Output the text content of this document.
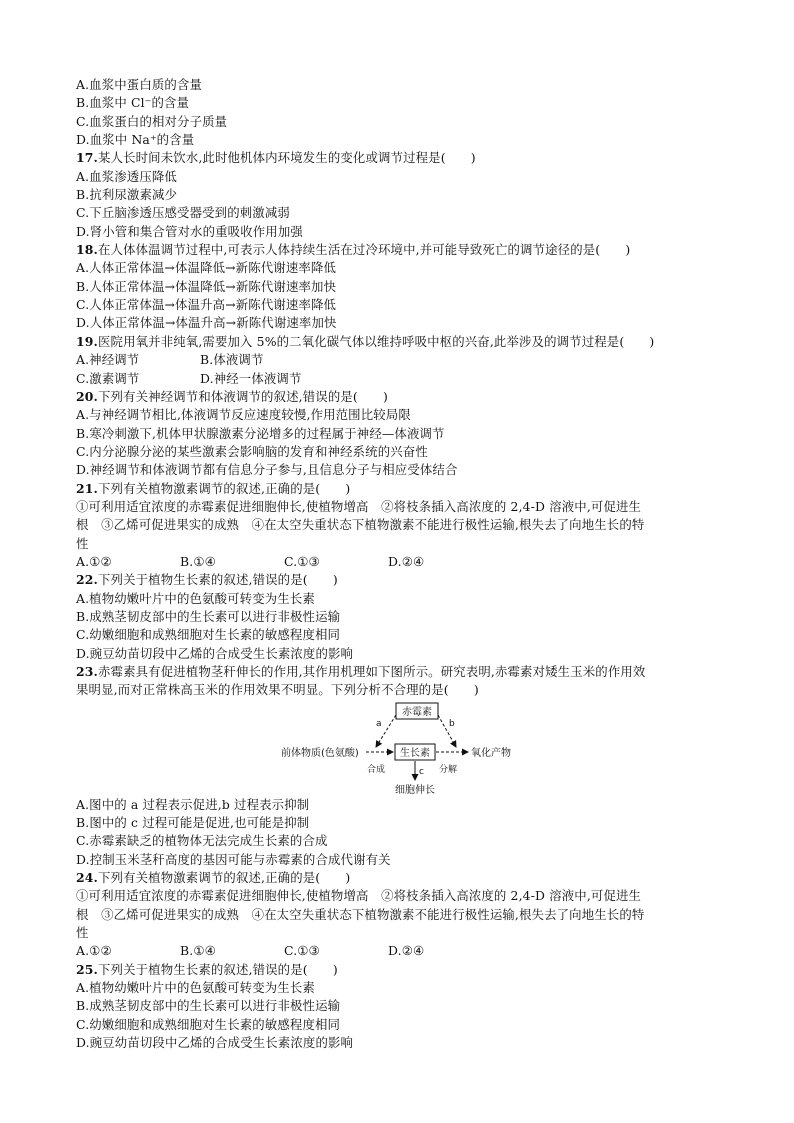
A.血浆中蛋白质的含量
B.血浆中 Cl⁻的含量
C.血浆蛋白的相对分子质量
D.血浆中 Na⁺的含量
17.某人长时间未饮水,此时他机体内环境发生的变化或调节过程是(　　)
A.血浆渗透压降低
B.抗利尿激素减少
C.下丘脑渗透压感受器受到的刺激减弱
D.肾小管和集合管对水的重吸收作用加强
18.在人体体温调节过程中,可表示人体持续生活在过冷环境中,并可能导致死亡的调节途径的是(　　)
A.人体正常体温→体温降低→新陈代谢速率降低
B.人体正常体温→体温降低→新陈代谢速率加快
C.人体正常体温→体温升高→新陈代谢速率降低
D.人体正常体温→体温升高→新陈代谢速率加快
19.医院用氧并非纯氧,需要加入 5%的二氧化碳气体以维持呼吸中枢的兴奋,此举涉及的调节过程是(　　)
A.神经调节	B.体液调节
C.激素调节	D.神经一体液调节
20.下列有关神经调节和体液调节的叙述,错误的是(　　)
A.与神经调节相比,体液调节反应速度较慢,作用范围比较局限
B.寒冷刺激下,机体甲状腺激素分泌增多的过程属于神经—体液调节
C.内分泌腺分泌的某些激素会影响脑的发育和神经系统的兴奋性
D.神经调节和体液调节都有信息分子参与,且信息分子与相应受体结合
21.下列有关植物激素调节的叙述,正确的是(　　)
①可利用适宜浓度的赤霉素促进细胞伸长,使植物增高　②将枝条插入高浓度的 2,4-D 溶液中,可促进生
根　③乙烯可促进果实的成熟　④在太空失重状态下植物激素不能进行极性运输,根失去了向地生长的特
性
A.①②	B.①④	C.①③	D.②④
22.下列关于植物生长素的叙述,错误的是(　　)
A.植物幼嫩叶片中的色氨酸可转变为生长素
B.成熟茎韧皮部中的生长素可以进行非极性运输
C.幼嫩细胞和成熟细胞对生长素的敏感程度相同
D.豌豆幼苗切段中乙烯的合成受生长素浓度的影响
23.赤霉素具有促进植物茎秆伸长的作用,其作用机理如下图所示。研究表明,赤霉素对矮生玉米的作用效
果明显,而对正常株高玉米的作用效果不明显。下列分析不合理的是(　　)
赤霉素
生长素
前体物质(色氨酸)	氧化产物
合成	分解
a	b
c
细胞伸长
A.图中的 a 过程表示促进,b 过程表示抑制
B.图中的 c 过程可能是促进,也可能是抑制
C.赤霉素缺乏的植物体无法完成生长素的合成
D.控制玉米茎秆高度的基因可能与赤霉素的合成代谢有关
24.下列有关植物激素调节的叙述,正确的是(　　)
①可利用适宜浓度的赤霉素促进细胞伸长,使植物增高　②将枝条插入高浓度的 2,4-D 溶液中,可促进生
根　③乙烯可促进果实的成熟　④在太空失重状态下植物激素不能进行极性运输,根失去了向地生长的特
性
A.①②	B.①④	C.①③	D.②④
25.下列关于植物生长素的叙述,错误的是(　　)
A.植物幼嫩叶片中的色氨酸可转变为生长素
B.成熟茎韧皮部中的生长素可以进行非极性运输
C.幼嫩细胞和成熟细胞对生长素的敏感程度相同
D.豌豆幼苗切段中乙烯的合成受生长素浓度的影响
